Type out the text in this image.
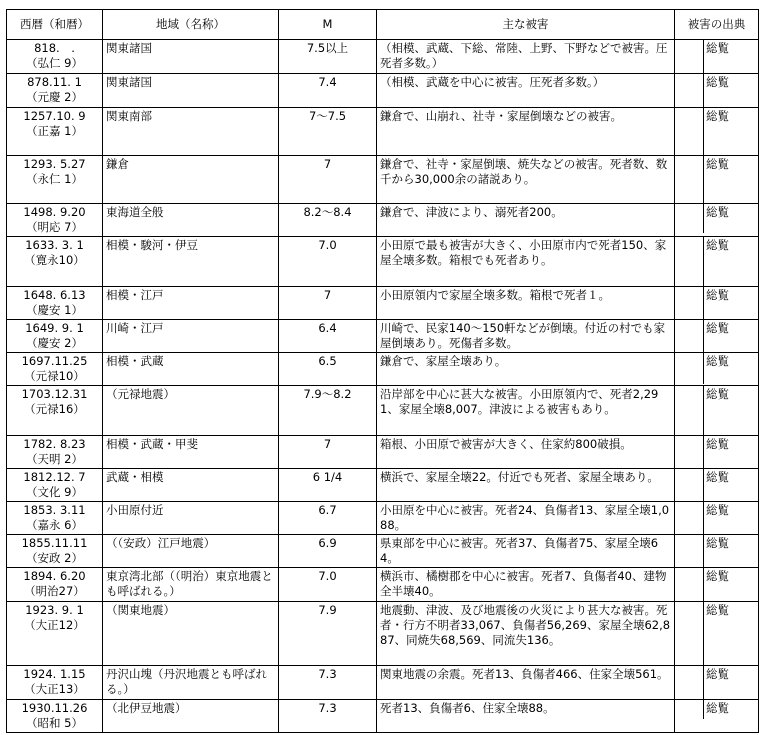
西暦（和暦）	地域（名称）	M	主な被害	被害の出典

818.　.
（弘仁 9）	関東諸国	7.5以上	（相模、武蔵、下総、常陸、上野、下野などで被害。圧死者多数。）	総覧

878.11. 1
（元慶 2）	関東諸国	7.4	（相模、武蔵を中心に被害。圧死者多数。）	総覧

1257.10. 9
（正嘉 1）	関東南部	7～7.5	鎌倉で、山崩れ、社寺・家屋倒壊などの被害。	総覧

1293. 5.27
（永仁 1）	鎌倉	7	鎌倉で、社寺・家屋倒壊、焼失などの被害。死者数、数千から30,000余の諸説あり。	総覧

1498. 9.20
（明応 7）	東海道全般	8.2～8.4	鎌倉で、津波により、溺死者200。	総覧

1633. 3. 1
（寛永10）	相模・駿河・伊豆	7.0	小田原で最も被害が大きく、小田原市内で死者150、家屋全壊多数。箱根でも死者あり。	総覧

1648. 6.13
（慶安 1）	相模・江戸	7	小田原領内で家屋全壊多数。箱根で死者１。	総覧

1649. 9. 1
（慶安 2）	川崎・江戸	6.4	川崎で、民家140～150軒などが倒壊。付近の村でも家屋倒壊あり。死傷者多数。	総覧

1697.11.25
（元禄10）	相模・武蔵	6.5	鎌倉で、家屋全壊あり。	総覧

1703.12.31
（元禄16）	（元禄地震）	7.9～8.2	沿岸部を中心に甚大な被害。小田原領内で、死者2,291、家屋全壊8,007。津波による被害もあり。	総覧

1782. 8.23
（天明 2）	相模・武蔵・甲斐	7	箱根、小田原で被害が大きく、住家約800破損。	総覧

1812.12. 7
（文化 9）	武蔵・相模	6 1/4	横浜で、家屋全壊22。付近でも死者、家屋全壊あり。	総覧

1853. 3.11
（嘉永 6）	小田原付近	6.7	小田原を中心に被害。死者24、負傷者13、家屋全壊1,088。	総覧

1855.11.11
（安政 2）	（（安政）江戸地震）	6.9	県東部を中心に被害。死者37、負傷者75、家屋全壊64。	総覧

1894. 6.20
（明治27）	東京湾北部（（明治）東京地震とも呼ばれる。）	7.0	横浜市、橘樹郡を中心に被害。死者7、負傷者40、建物全半壊40。	総覧

1923. 9. 1
（大正12）	（関東地震）	7.9	地震動、津波、及び地震後の火災により甚大な被害。死者・行方不明者33,067、負傷者56,269、家屋全壊62,887、同焼失68,569、同流失136。	総覧

1924. 1.15
（大正13）	丹沢山塊（丹沢地震とも呼ばれる。）	7.3	関東地震の余震。死者13、負傷者466、住家全壊561。	総覧

1930.11.26
（昭和 5）	（北伊豆地震）	7.3	死者13、負傷者6、住家全壊88。	総覧
